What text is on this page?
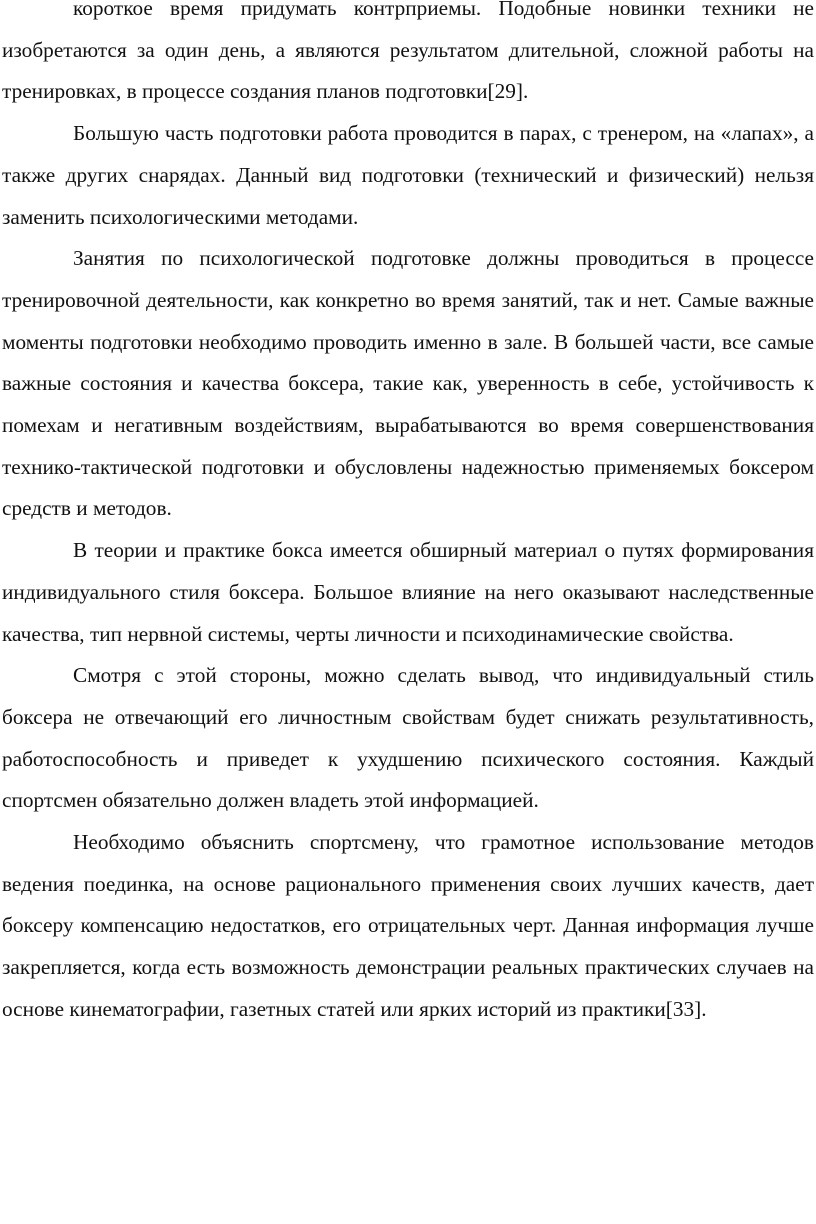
короткое время придумать контрприемы. Подобные новинки техники не изобретаются за один день, а являются результатом длительной, сложной работы на тренировках, в процессе создания планов подготовки[29].

Большую часть подготовки работа проводится в парах, с тренером, на «лапах», а также других снарядах. Данный вид подготовки (технический и физический) нельзя заменить психологическими методами.

Занятия по психологической подготовке должны проводиться в процессе тренировочной деятельности, как конкретно во время занятий, так и нет. Самые важные моменты подготовки необходимо проводить именно в зале. В большей части, все самые важные состояния и качества боксера, такие как, уверенность в себе, устойчивость к помехам и негативным воздействиям, вырабатываются во время совершенствования технико-тактической подготовки и обусловлены надежностью применяемых боксером средств и методов.

В теории и практике бокса имеется обширный материал о путях формирования индивидуального стиля боксера. Большое влияние на него оказывают наследственные качества, тип нервной системы, черты личности и психодинамические свойства.

Смотря с этой стороны, можно сделать вывод, что индивидуальный стиль боксера не отвечающий его личностным свойствам будет снижать результативность, работоспособность и приведет к ухудшению психического состояния. Каждый спортсмен обязательно должен владеть этой информацией.

Необходимо объяснить спортсмену, что грамотное использование методов ведения поединка, на основе рационального применения своих лучших качеств, дает боксеру компенсацию недостатков, его отрицательных черт. Данная информация лучше закрепляется, когда есть возможность демонстрации реальных практических случаев на основе кинематографии, газетных статей или ярких историй из практики[33].
